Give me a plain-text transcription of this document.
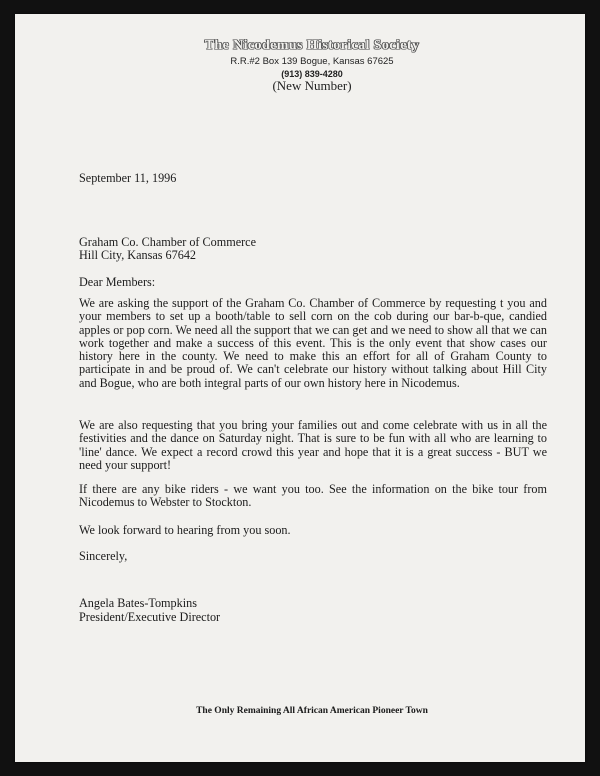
The Nicodemus Historical Society
R.R.#2 Box 139 Bogue, Kansas 67625
(913) 839-4280
(New Number)
September 11, 1996
Graham Co. Chamber of Commerce
Hill City, Kansas 67642
Dear Members:

We are asking the support of the Graham Co. Chamber of Commerce by requesting t you and your members to set up a booth/table to sell corn on the cob during our bar-b-que, candied apples or pop corn. We need all the support that we can get and we need to show all that we can work together and make a success of this event. This is the only event that show cases our history here in the county. We need to make this an effort for all of Graham County to participate in and be proud of. We can't celebrate our history without talking about Hill City and Bogue, who are both integral parts of our own history here in Nicodemus.

We are also requesting that you bring your families out and come celebrate with us in all the festivities and the dance on Saturday night. That is sure to be fun with all who are learning to 'line' dance. We expect a record crowd this year and hope that it is a great success - BUT we need your support!

If there are any bike riders - we want you too. See the information on the bike tour from Nicodemus to Webster to Stockton.

We look forward to hearing from you soon.

Sincerely,
Angela Bates-Tompkins
President/Executive Director
The Only Remaining All African American Pioneer Town
